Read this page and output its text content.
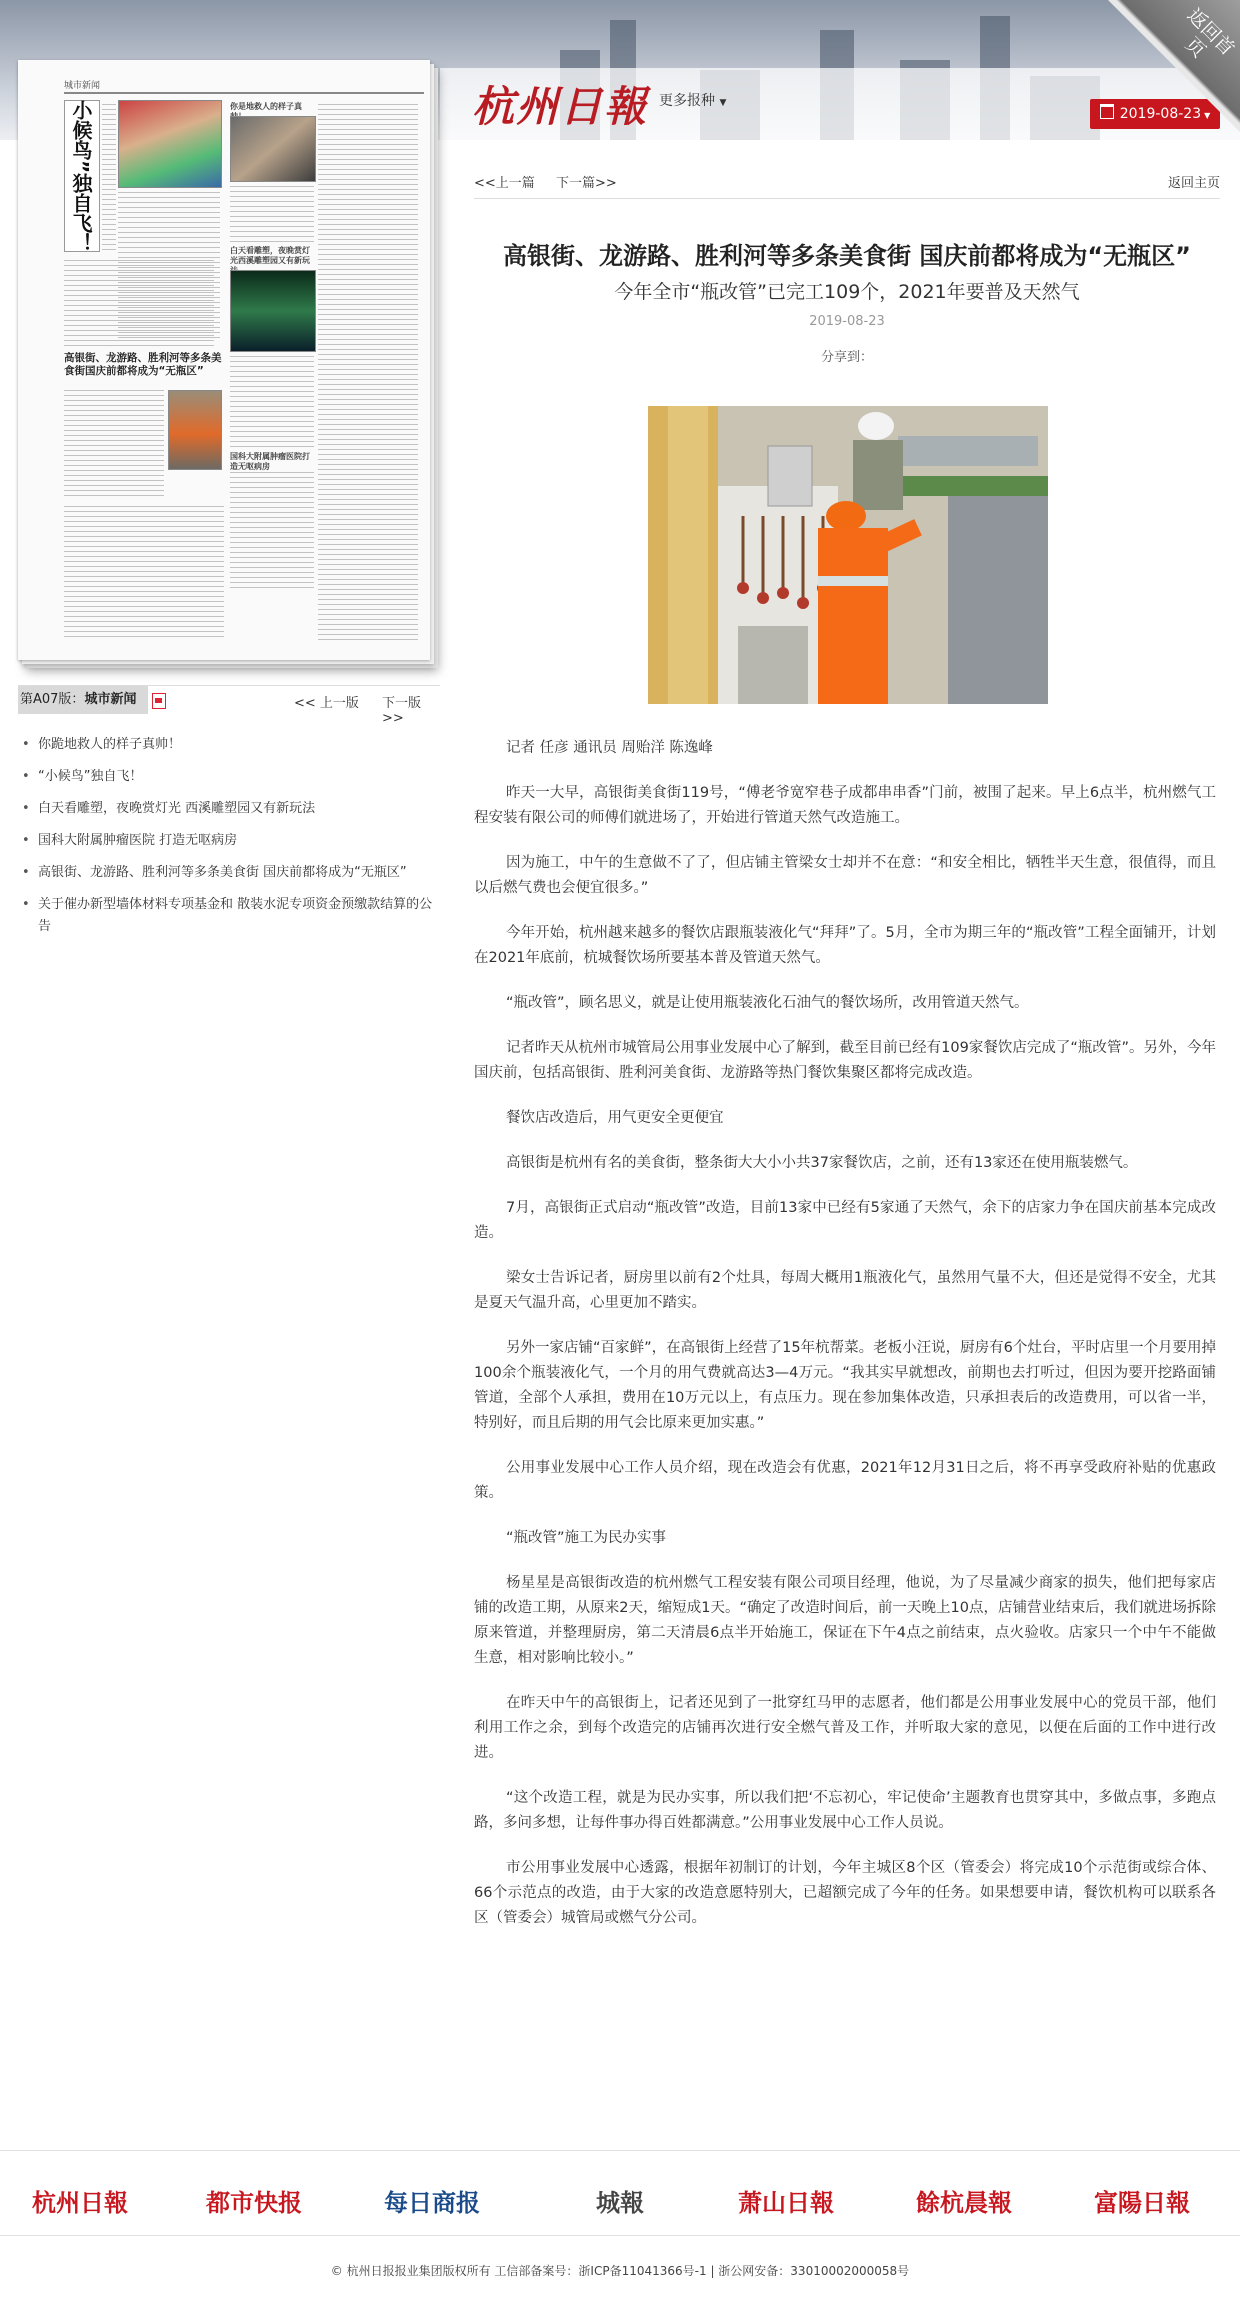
杭州日報 更多报种 ▼
2019-08-23 ▼
返回首页
城市新闻
小候鸟”独自飞！	你是地救人的样子真
白天看雕塑，夜晚赏灯光西溪雕塑园又有新玩
国科大附属肿瘤医院打造无呕病房
高银街、龙游路、胜利河等多条美食街国庆前都将成为“无瓶区”
第A07版：城市新闻	<< 上一版 下一版>>
• 你跪地救人的样子真帅！
• “小候鸟”独自飞！
• 白天看雕塑，夜晚赏灯光 西溪雕塑园又有新玩法
• 国科大附属肿瘤医院 打造无呕病房
• 高银街、龙游路、胜利河等多条美食街 国庆前都将成为“无瓶区”
• 关于催办新型墙体材料专项基金和 散装水泥专项资金预缴款结算的公告
<<上一篇 下一篇>>	返回主页
高银街、龙游路、胜利河等多条美食街 国庆前都将成为“无瓶区”
今年全市“瓶改管”已完工109个，2021年要普及天然气
2019-08-23
分享到：

记者 任彦 通讯员 周贻洋 陈逸峰

昨天一大早，高银街美食街119号，“傅老爷宽窄巷子成都串串香”门前，被围了起来。早上6点半，杭州燃气工程安装有限公司的师傅们就进场了，开始进行管道天然气改造施工。

因为施工，中午的生意做不了了，但店铺主管梁女士却并不在意：“和安全相比，牺牲半天生意，很值得，而且以后燃气费也会便宜很多。”

今年开始，杭州越来越多的餐饮店跟瓶装液化气“拜拜”了。5月，全市为期三年的“瓶改管”工程全面铺开，计划在2021年底前，杭城餐饮场所要基本普及管道天然气。

“瓶改管”，顾名思义，就是让使用瓶装液化石油气的餐饮场所，改用管道天然气。

记者昨天从杭州市城管局公用事业发展中心了解到，截至目前已经有109家餐饮店完成了“瓶改管”。另外，今年国庆前，包括高银街、胜利河美食街、龙游路等热门餐饮集聚区都将完成改造。

餐饮店改造后，用气更安全更便宜

高银街是杭州有名的美食街，整条街大大小小共37家餐饮店，之前，还有13家还在使用瓶装燃气。

7月，高银街正式启动“瓶改管”改造，目前13家中已经有5家通了天然气，余下的店家力争在国庆前基本完成改造。

梁女士告诉记者，厨房里以前有2个灶具，每周大概用1瓶液化气，虽然用气量不大，但还是觉得不安全，尤其是夏天气温升高，心里更加不踏实。

另外一家店铺“百家鲜”，在高银街上经营了15年杭帮菜。老板小汪说，厨房有6个灶台，平时店里一个月要用掉100余个瓶装液化气，一个月的用气费就高达3—4万元。“我其实早就想改，前期也去打听过，但因为要开挖路面铺管道，全部个人承担，费用在10万元以上，有点压力。现在参加集体改造，只承担表后的改造费用，可以省一半，特别好，而且后期的用气会比原来更加实惠。”

公用事业发展中心工作人员介绍，现在改造会有优惠，2021年12月31日之后，将不再享受政府补贴的优惠政策。

“瓶改管”施工为民办实事

杨星星是高银街改造的杭州燃气工程安装有限公司项目经理，他说，为了尽量减少商家的损失，他们把每家店铺的改造工期，从原来2天，缩短成1天。“确定了改造时间后，前一天晚上10点，店铺营业结束后，我们就进场拆除原来管道，并整理厨房，第二天清晨6点半开始施工，保证在下午4点之前结束，点火验收。店家只一个中午不能做生意，相对影响比较小。”

在昨天中午的高银街上，记者还见到了一批穿红马甲的志愿者，他们都是公用事业发展中心的党员干部，他们利用工作之余，到每个改造完的店铺再次进行安全燃气普及工作，并听取大家的意见，以便在后面的工作中进行改进。

“这个改造工程，就是为民办实事，所以我们把‘不忘初心，牢记使命’主题教育也贯穿其中，多做点事，多跑点路，多问多想，让每件事办得百姓都满意。”公用事业发展中心工作人员说。

市公用事业发展中心透露，根据年初制订的计划，今年主城区8个区（管委会）将完成10个示范街或综合体、66个示范点的改造，由于大家的改造意愿特别大，已超额完成了今年的任务。如果想要申请，餐饮机构可以联系各区（管委会）城管局或燃气分公司。

杭州日報	都市快报	每日商报	城報	萧山日報	餘杭晨報	富陽日報
© 杭州日报报业集团版权所有 工信部备案号：浙ICP备11041366号-1 | 浙公网安备：33010002000058号
